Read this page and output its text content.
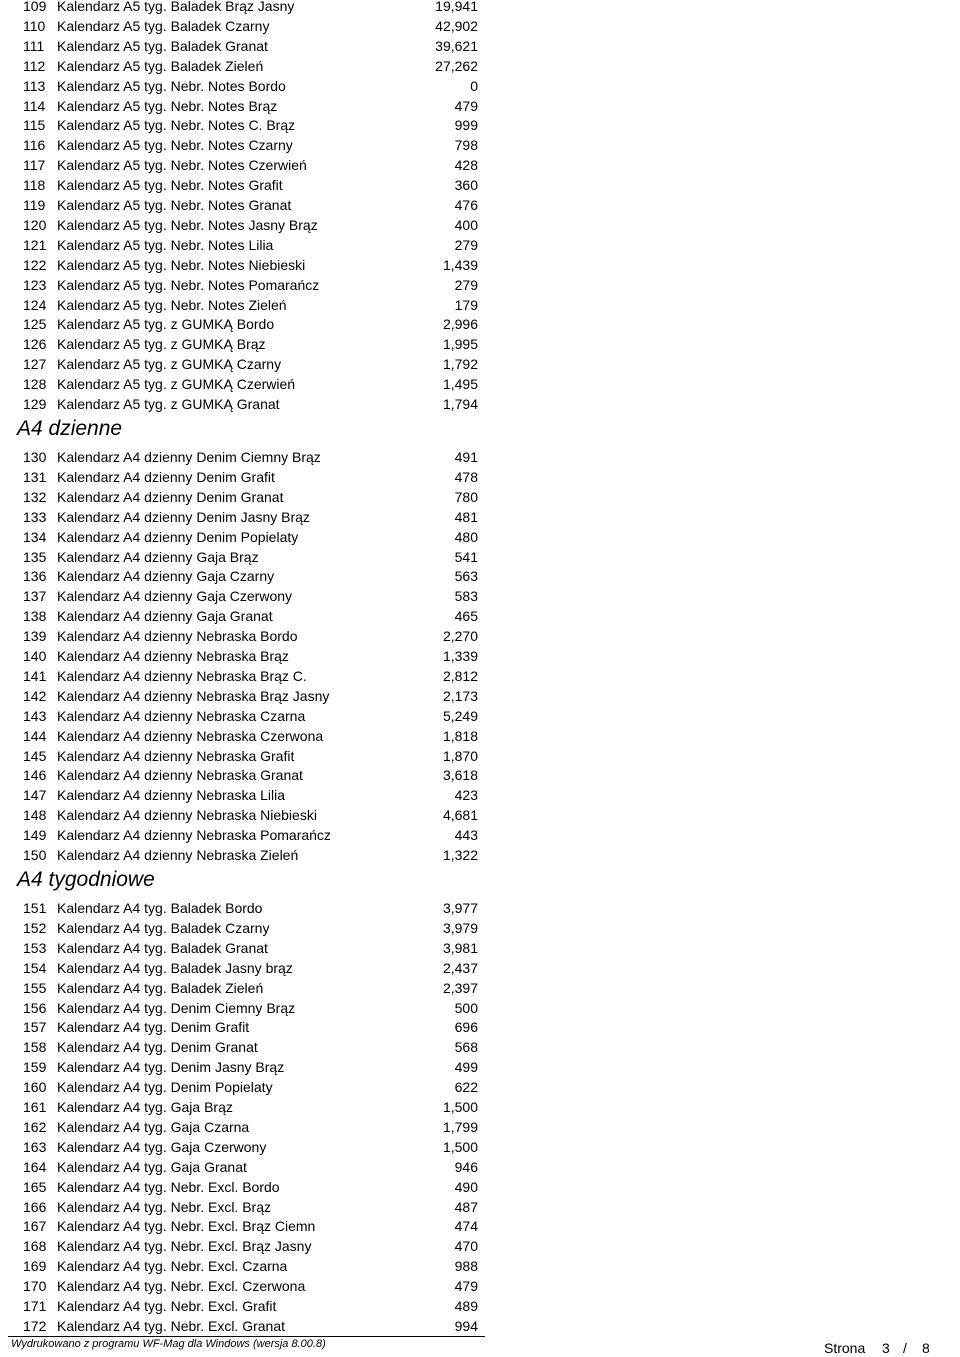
109 Kalendarz A5 tyg. Baladek Brąz Jasny	19,941
110 Kalendarz A5 tyg. Baladek Czarny	42,902
111 Kalendarz A5 tyg. Baladek Granat	39,621
112 Kalendarz A5 tyg. Baladek Zieleń	27,262
113 Kalendarz A5 tyg. Nebr. Notes Bordo	0
114 Kalendarz A5 tyg. Nebr. Notes Brąz	479
115 Kalendarz A5 tyg. Nebr. Notes C. Brąz	999
116 Kalendarz A5 tyg. Nebr. Notes Czarny	798
117 Kalendarz A5 tyg. Nebr. Notes Czerwień	428
118 Kalendarz A5 tyg. Nebr. Notes Grafit	360
119 Kalendarz A5 tyg. Nebr. Notes Granat	476
120 Kalendarz A5 tyg. Nebr. Notes Jasny Brąz	400
121 Kalendarz A5 tyg. Nebr. Notes Lilia	279
122 Kalendarz A5 tyg. Nebr. Notes Niebieski	1,439
123 Kalendarz A5 tyg. Nebr. Notes Pomarańcz	279
124 Kalendarz A5 tyg. Nebr. Notes Zieleń	179
125 Kalendarz A5 tyg. z GUMKĄ Bordo	2,996
126 Kalendarz A5 tyg. z GUMKĄ Brąz	1,995
127 Kalendarz A5 tyg. z GUMKĄ Czarny	1,792
128 Kalendarz A5 tyg. z GUMKĄ Czerwień	1,495
129 Kalendarz A5 tyg. z GUMKĄ Granat	1,794
A4 dzienne
130 Kalendarz A4 dzienny Denim Ciemny Brąz	491
131 Kalendarz A4 dzienny Denim Grafit	478
132 Kalendarz A4 dzienny Denim Granat	780
133 Kalendarz A4 dzienny Denim Jasny Brąz	481
134 Kalendarz A4 dzienny Denim Popielaty	480
135 Kalendarz A4 dzienny Gaja Brąz	541
136 Kalendarz A4 dzienny Gaja Czarny	563
137 Kalendarz A4 dzienny Gaja Czerwony	583
138 Kalendarz A4 dzienny Gaja Granat	465
139 Kalendarz A4 dzienny Nebraska Bordo	2,270
140 Kalendarz A4 dzienny Nebraska Brąz	1,339
141 Kalendarz A4 dzienny Nebraska Brąz C.	2,812
142 Kalendarz A4 dzienny Nebraska Brąz Jasny	2,173
143 Kalendarz A4 dzienny Nebraska Czarna	5,249
144 Kalendarz A4 dzienny Nebraska Czerwona	1,818
145 Kalendarz A4 dzienny Nebraska Grafit	1,870
146 Kalendarz A4 dzienny Nebraska Granat	3,618
147 Kalendarz A4 dzienny Nebraska Lilia	423
148 Kalendarz A4 dzienny Nebraska Niebieski	4,681
149 Kalendarz A4 dzienny Nebraska Pomarańcz	443
150 Kalendarz A4 dzienny Nebraska Zieleń	1,322
A4 tygodniowe
151 Kalendarz A4 tyg. Baladek Bordo	3,977
152 Kalendarz A4 tyg. Baladek Czarny	3,979
153 Kalendarz A4 tyg. Baladek Granat	3,981
154 Kalendarz A4 tyg. Baladek Jasny brąz	2,437
155 Kalendarz A4 tyg. Baladek Zieleń	2,397
156 Kalendarz A4 tyg. Denim Ciemny Brąz	500
157 Kalendarz A4 tyg. Denim Grafit	696
158 Kalendarz A4 tyg. Denim Granat	568
159 Kalendarz A4 tyg. Denim Jasny Brąz	499
160 Kalendarz A4 tyg. Denim Popielaty	622
161 Kalendarz A4 tyg. Gaja Brąz	1,500
162 Kalendarz A4 tyg. Gaja Czarna	1,799
163 Kalendarz A4 tyg. Gaja Czerwony	1,500
164 Kalendarz A4 tyg. Gaja Granat	946
165 Kalendarz A4 tyg. Nebr. Excl. Bordo	490
166 Kalendarz A4 tyg. Nebr. Excl. Brąz	487
167 Kalendarz A4 tyg. Nebr. Excl. Brąz Ciemn	474
168 Kalendarz A4 tyg. Nebr. Excl. Brąz Jasny	470
169 Kalendarz A4 tyg. Nebr. Excl. Czarna	988
170 Kalendarz A4 tyg. Nebr. Excl. Czerwona	479
171 Kalendarz A4 tyg. Nebr. Excl. Grafit	489
172 Kalendarz A4 tyg. Nebr. Excl. Granat	994
Wydrukowano z programu WF-Mag dla Windows (wersja 8.00.8)	Strona 3 / 8
